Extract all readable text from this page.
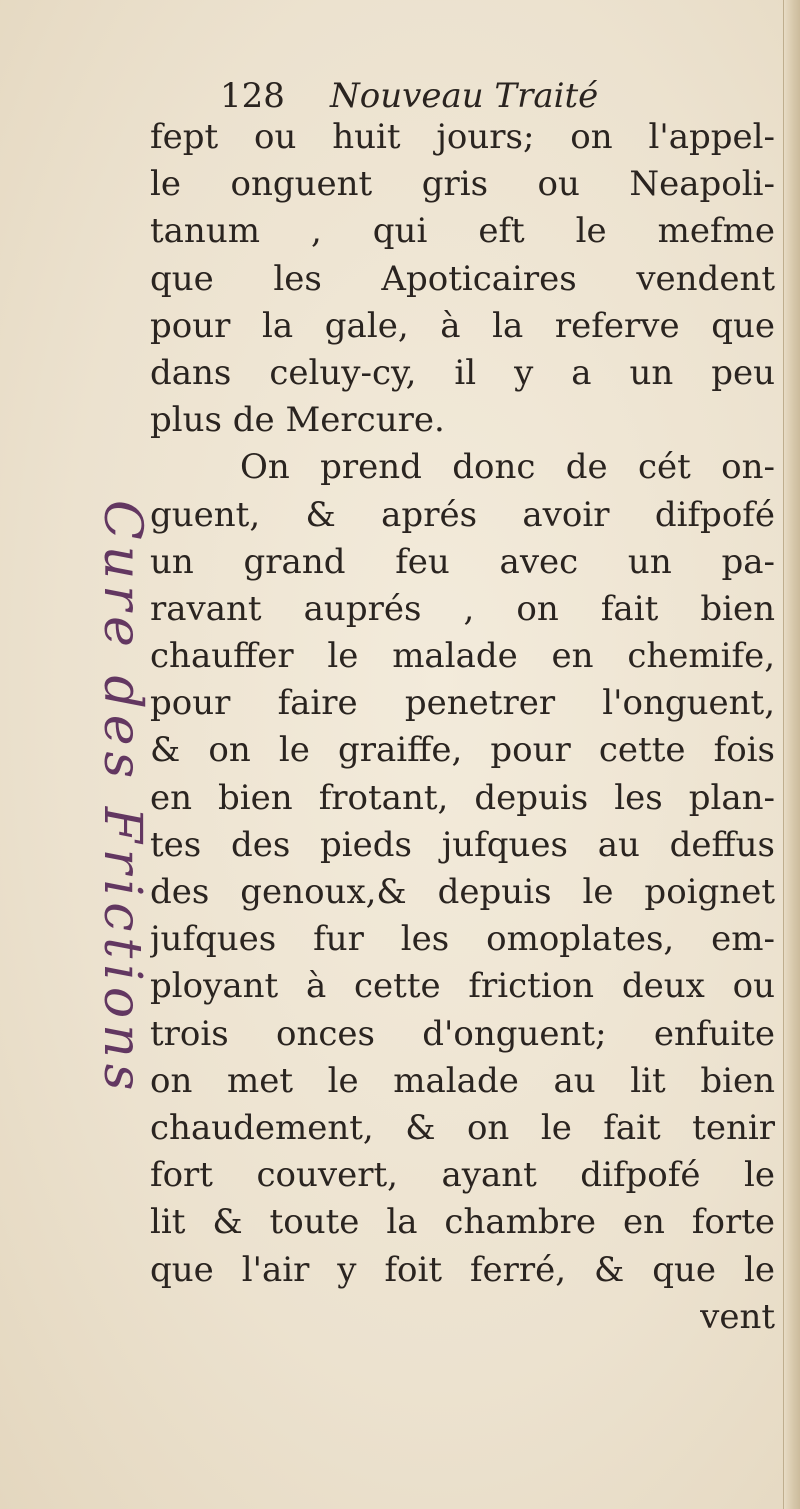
128 Nouveau Traité
Cure des Frictions
fept ou huit jours; on l'appel-
le onguent gris ou Neapoli-
tanum , qui eft le mefme
que les Apoticaires vendent
pour la gale, à la referve que
dans celuy-cy, il y a un peu
plus de Mercure.
On prend donc de cét on-
guent, & aprés avoir difpofé
un grand feu avec un pa-
ravant auprés , on fait bien
chauffer le malade en chemife,
pour faire penetrer l'onguent,
& on le graiffe, pour cette fois
en bien frotant, depuis les plan-
tes des pieds jufques au deffus
des genoux,& depuis le poignet
jufques fur les omoplates, em-
ployant à cette friction deux ou
trois onces d'onguent; enfuite
on met le malade au lit bien
chaudement, & on le fait tenir
fort couvert, ayant difpofé le
lit & toute la chambre en forte
que l'air y foit ferré, & que le
vent
